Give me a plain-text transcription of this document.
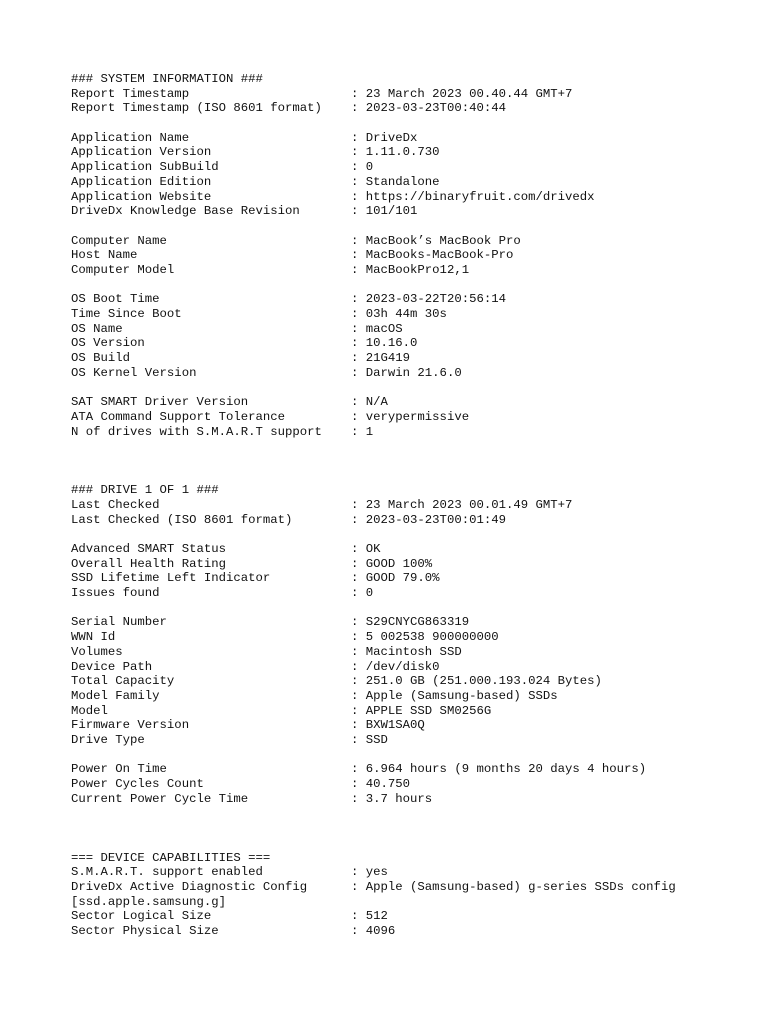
### SYSTEM INFORMATION ###
Report Timestamp	: 23 March 2023 00.40.44 GMT+7
Report Timestamp (ISO 8601 format)	: 2023-03-23T00:40:44
Application Name	: DriveDx
Application Version	: 1.11.0.730
Application SubBuild	: 0
Application Edition	: Standalone
Application Website	: https://binaryfruit.com/drivedx
DriveDx Knowledge Base Revision	: 101/101
Computer Name	: MacBook’s MacBook Pro
Host Name	: MacBooks-MacBook-Pro
Computer Model	: MacBookPro12,1
OS Boot Time	: 2023-03-22T20:56:14
Time Since Boot	: 03h 44m 30s
OS Name	: macOS
OS Version	: 10.16.0
OS Build	: 21G419
OS Kernel Version	: Darwin 21.6.0
SAT SMART Driver Version	: N/A
ATA Command Support Tolerance	: verypermissive
N of drives with S.M.A.R.T support	: 1
### DRIVE 1 OF 1 ###
Last Checked	: 23 March 2023 00.01.49 GMT+7
Last Checked (ISO 8601 format)	: 2023-03-23T00:01:49
Advanced SMART Status	: OK
Overall Health Rating	: GOOD 100%
SSD Lifetime Left Indicator	: GOOD 79.0%
Issues found	: 0
Serial Number	: S29CNYCG863319
WWN Id	: 5 002538 900000000
Volumes	: Macintosh SSD
Device Path	: /dev/disk0
Total Capacity	: 251.0 GB (251.000.193.024 Bytes)
Model Family	: Apple (Samsung-based) SSDs
Model	: APPLE SSD SM0256G
Firmware Version	: BXW1SA0Q
Drive Type	: SSD
Power On Time	: 6.964 hours (9 months 20 days 4 hours)
Power Cycles Count	: 40.750
Current Power Cycle Time	: 3.7 hours
=== DEVICE CAPABILITIES ===
S.M.A.R.T. support enabled	: yes
DriveDx Active Diagnostic Config	: Apple (Samsung-based) g-series SSDs config
[ssd.apple.samsung.g]
Sector Logical Size	: 512
Sector Physical Size	: 4096
